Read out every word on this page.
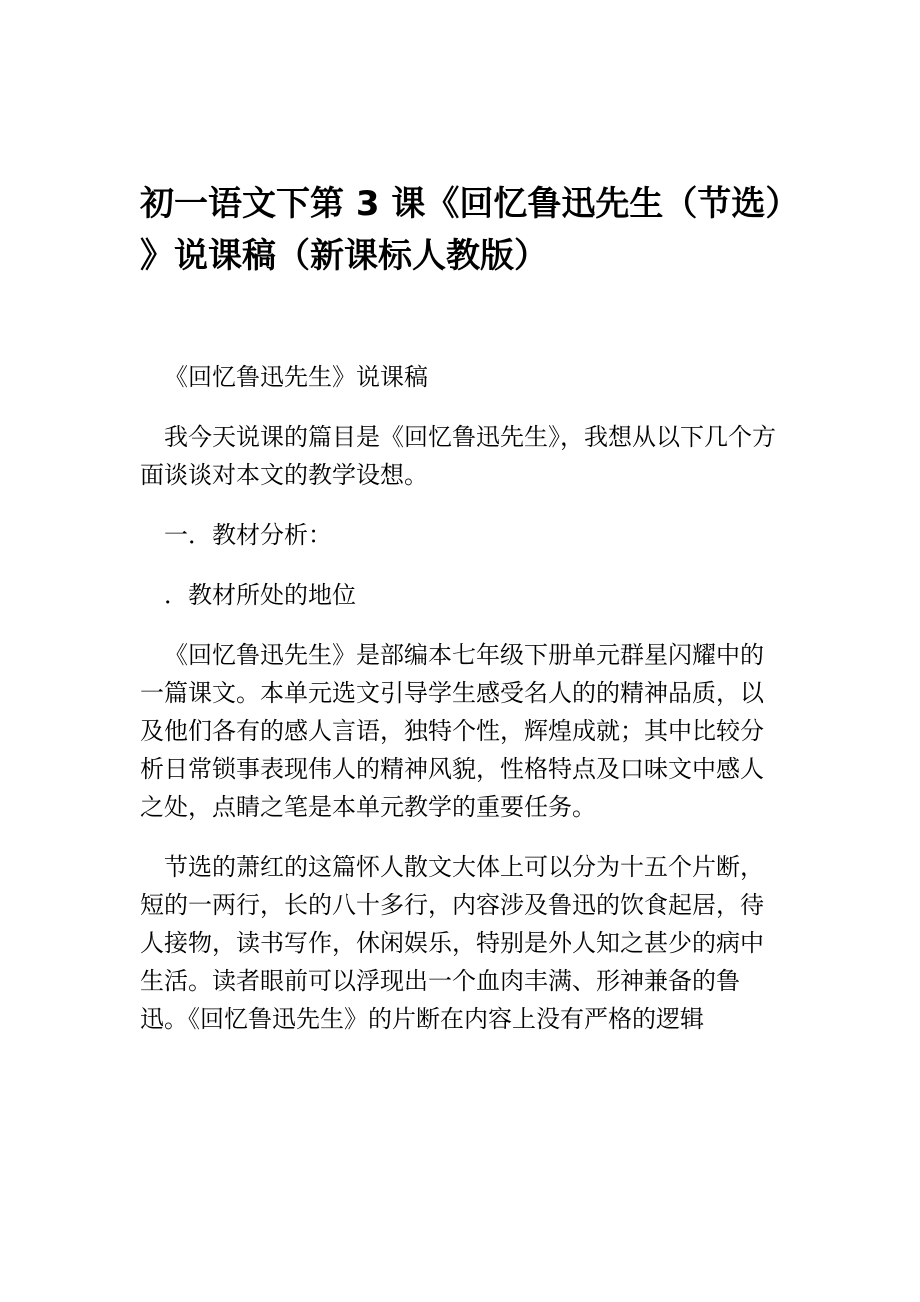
初一语文下第 3 课《回忆鲁迅先生（节选）
》说课稿（新课标人教版）

《回忆鲁迅先生》说课稿

我今天说课的篇目是《回忆鲁迅先生》，我想从以下几个方面谈谈对本文的教学设想。

一．教材分析：

．教材所处的地位

《回忆鲁迅先生》是部编本七年级下册单元群星闪耀中的一篇课文。本单元选文引导学生感受名人的的精神品质，以及他们各有的感人言语，独特个性，辉煌成就；其中比较分析日常锁事表现伟人的精神风貌，性格特点及口味文中感人之处，点睛之笔是本单元教学的重要任务。

节选的萧红的这篇怀人散文大体上可以分为十五个片断，短的一两行，长的八十多行，内容涉及鲁迅的饮食起居，待人接物，读书写作，休闲娱乐，特别是外人知之甚少的病中生活。读者眼前可以浮现出一个血肉丰满、形神兼备的鲁迅。《回忆鲁迅先生》的片断在内容上没有严格的逻辑
